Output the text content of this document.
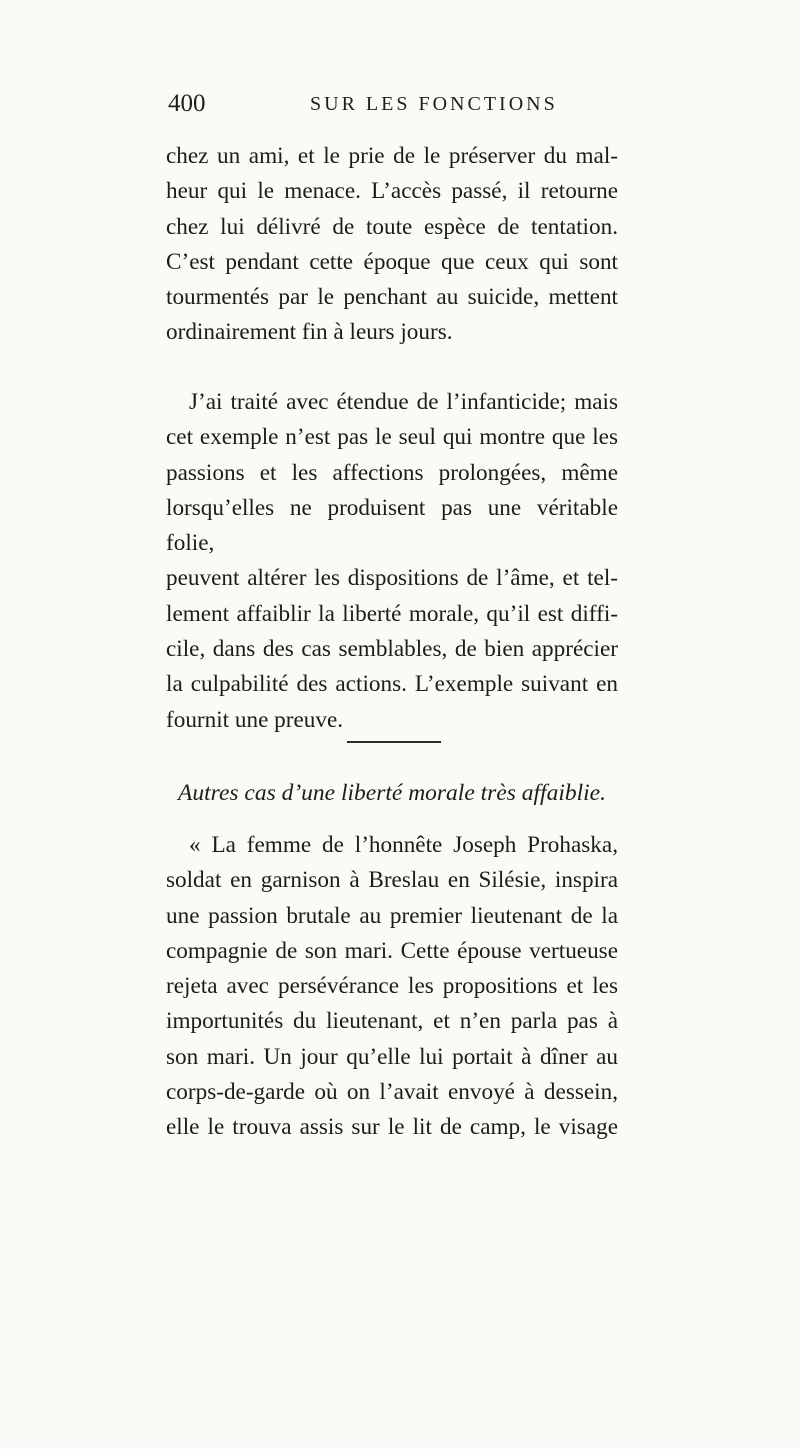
400	SUR LES FONCTIONS
chez un ami, et le prie de le préserver du mal-
heur qui le menace. L’accès passé, il retourne
chez lui délivré de toute espèce de tentation.
C’est pendant cette époque que ceux qui sont
tourmentés par le penchant au suicide, mettent
ordinairement fin à leurs jours.
J’ai traité avec étendue de l’infanticide; mais
cet exemple n’est pas le seul qui montre que les
passions et les affections prolongées, même
lorsqu’elles ne produisent pas une véritable folie,
peuvent altérer les dispositions de l’âme, et tel-
lement affaiblir la liberté morale, qu’il est diffi-
cile, dans des cas semblables, de bien apprécier
la culpabilité des actions. L’exemple suivant en
fournit une preuve.
Autres cas d’une liberté morale très affaiblie.
« La femme de l’honnête Joseph Prohaska,
soldat en garnison à Breslau en Silésie, inspira
une passion brutale au premier lieutenant de la
compagnie de son mari. Cette épouse vertueuse
rejeta avec persévérance les propositions et les
importunités du lieutenant, et n’en parla pas à
son mari. Un jour qu’elle lui portait à dîner au
corps-de-garde où on l’avait envoyé à dessein,
elle le trouva assis sur le lit de camp, le visage
